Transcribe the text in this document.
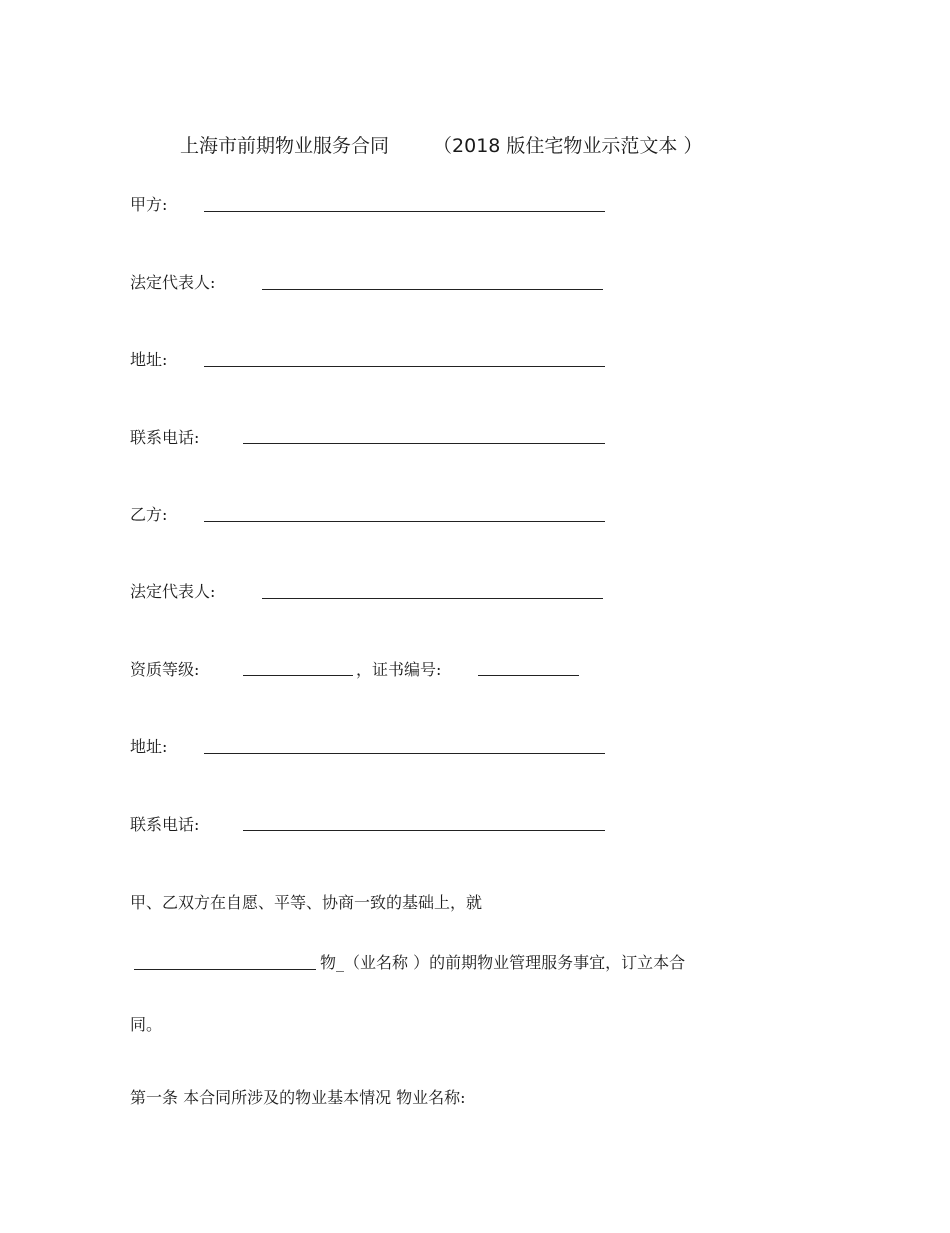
上海市前期物业服务合同 （2018 版住宅物业示范文本 ）
甲方:
法定代表人:
地址:
联系电话:
乙方:
法定代表人:
资质等级:	，证书编号:
地址:
联系电话:
甲、乙双方在自愿、平等、协商一致的基础上，就
物_（业名称 ）的前期物业管理服务事宜，订立本合
同。
第一条 本合同所涉及的物业基本情况 物业名称:
